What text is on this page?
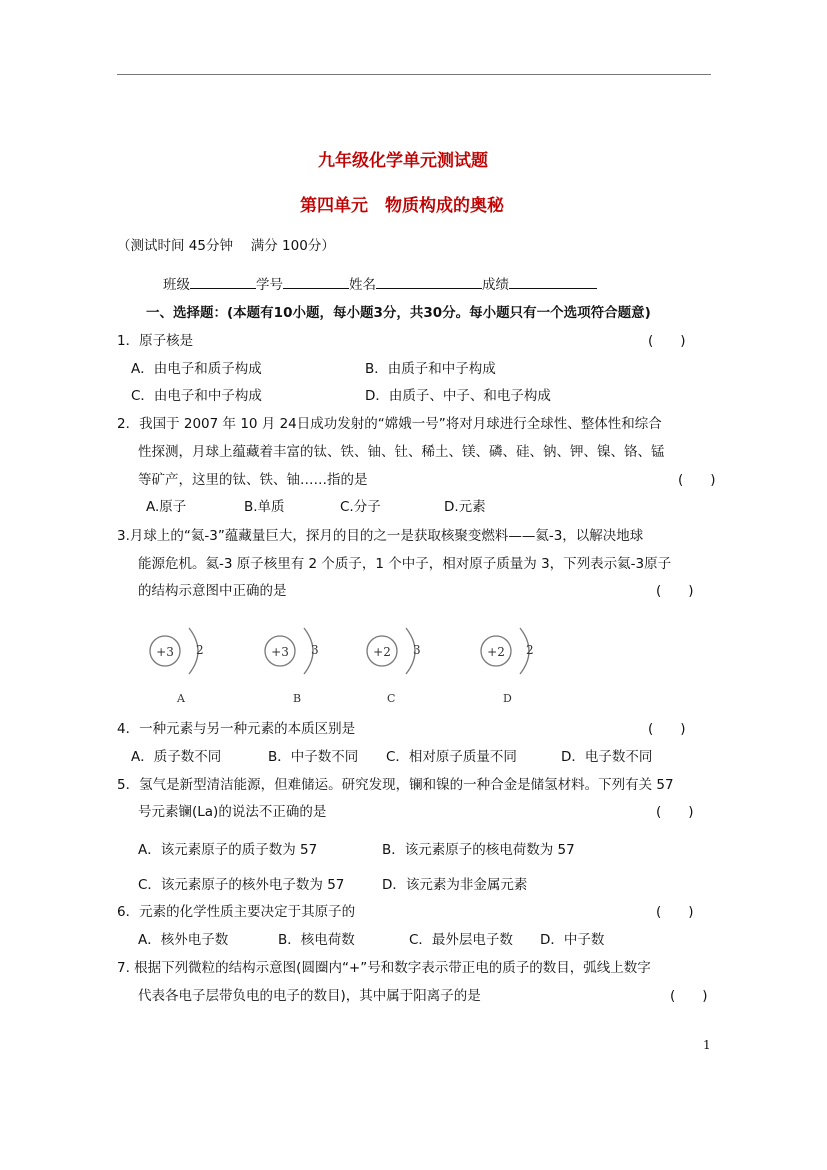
九年级化学单元测试题
第四单元　物质构成的奥秘
（测试时间 45分钟　 满分 100分）
班级	学号	姓名	成绩
一、选择题：(本题有10小题，每小题3分，共30分。每小题只有一个选项符合题意)
1．原子核是	(　　)
A．由电子和质子构成	B．由质子和中子构成
C．由电子和中子构成	D．由质子、中子、和电子构成
2．我国于 2007 年 10 月 24日成功发射的“嫦娥一号”将对月球进行全球性、整体性和综合
性探测，月球上蕴藏着丰富的钛、铁、铀、钍、稀土、镁、磷、硅、钠、钾、镍、铬、锰
等矿产，这里的钛、铁、铀……指的是	(　　)
A.原子	B.单质	C.分子	D.元素
3.月球上的“氦-3”蕴藏量巨大，探月的目的之一是获取核聚变燃料——氦-3，以解决地球
能源危机。氦-3 原子核里有 2 个质子，1 个中子，相对原子质量为 3，下列表示氦-3原子
的结构示意图中正确的是	(　　)
+3 2
A
+3 3
B
+2 3
C
+2 2
D
4．一种元素与另一种元素的本质区别是	(　　)
A．质子数不同	B．中子数不同 C．相对原子质量不同	D．电子数不同
5．氢气是新型清洁能源，但难储运。研究发现，镧和镍的一种合金是储氢材料。下列有关 57
号元素镧(La)的说法不正确的是	(　　)
A．该元素原子的质子数为 57	B．该元素原子的核电荷数为 57
C．该元素原子的核外电子数为 57	D．该元素为非金属元素
6．元素的化学性质主要决定于其原子的	(　　)
A．核外电子数	B．核电荷数	C．最外层电子数 D．中子数
7. 根据下列微粒的结构示意图(圆圈内“+”号和数字表示带正电的质子的数目，弧线上数字
代表各电子层带负电的电子的数目)，其中属于阳离子的是	(　　)
1
